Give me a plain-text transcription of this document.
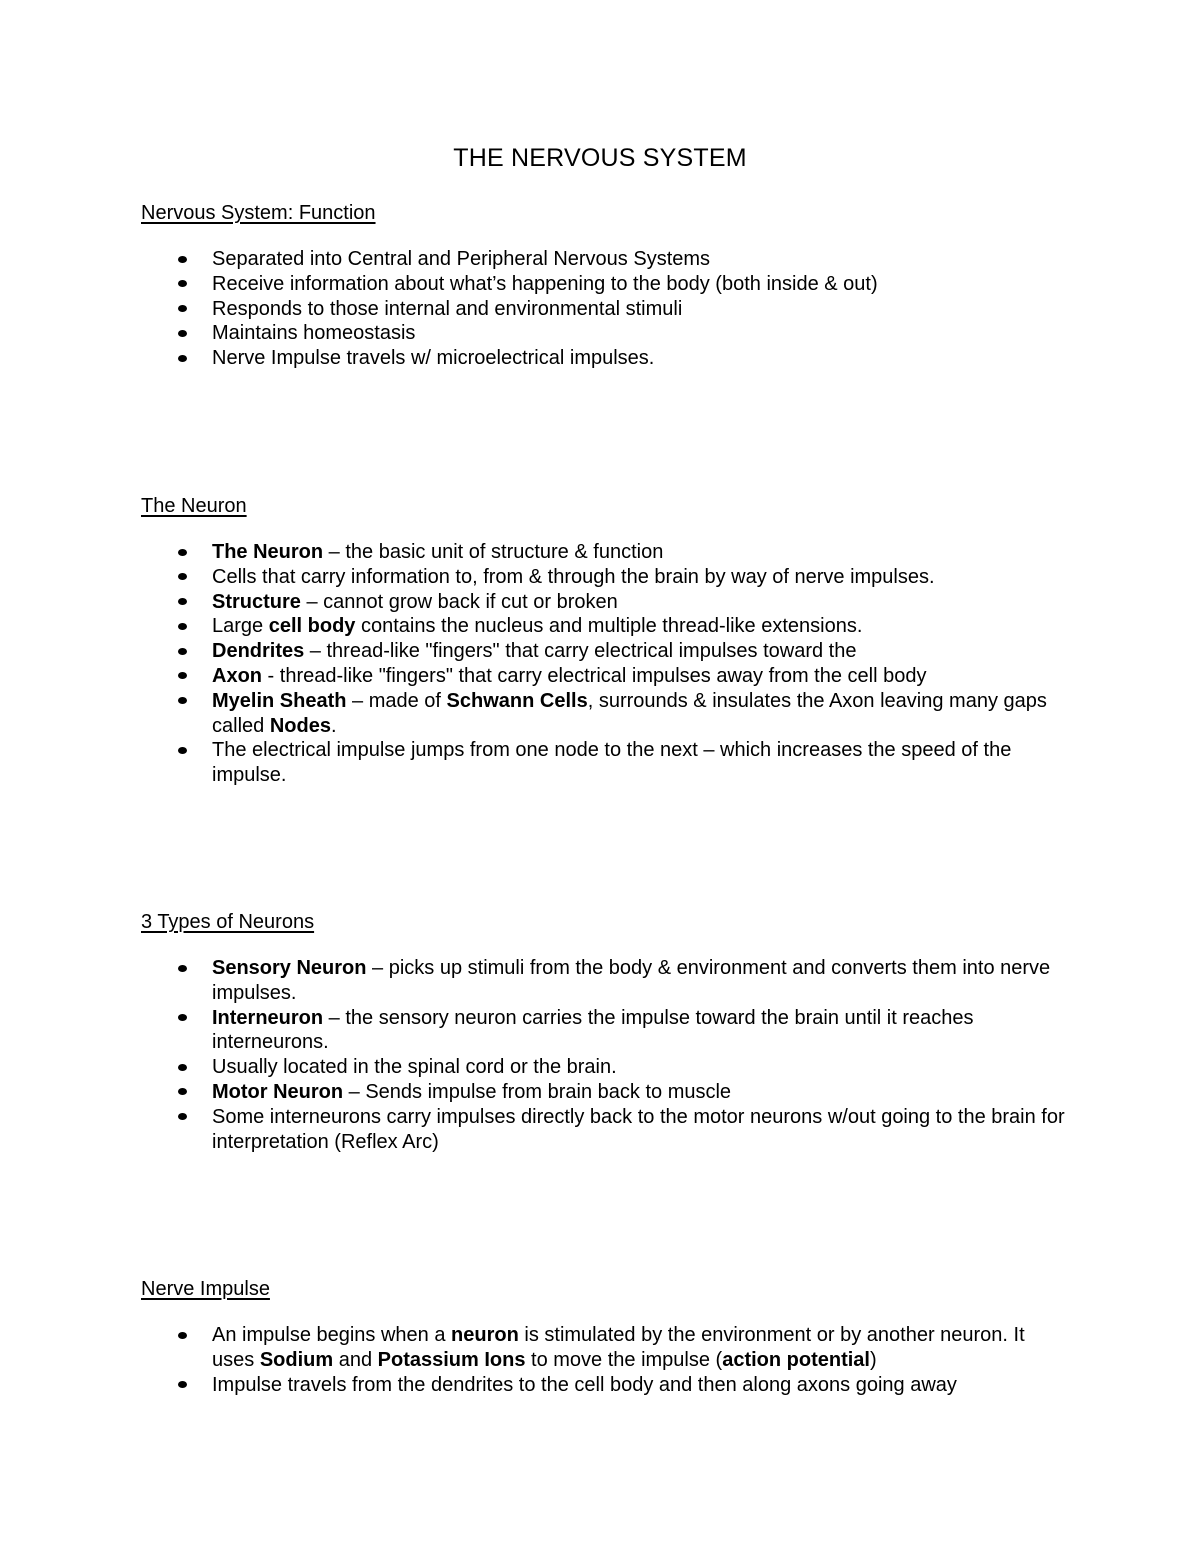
THE NERVOUS SYSTEM
Nervous System: Function
Separated into Central and Peripheral Nervous Systems
Receive information about what’s happening to the body (both inside & out)
Responds to those internal and environmental stimuli
Maintains homeostasis
Nerve Impulse travels w/ microelectrical impulses.
The Neuron
The Neuron – the basic unit of structure & function
Cells that carry information to, from & through the brain by way of nerve impulses.
Structure – cannot grow back if cut or broken
Large cell body contains the nucleus and multiple thread-like extensions.
Dendrites – thread-like "fingers" that carry electrical impulses toward the
Axon - thread-like "fingers" that carry electrical impulses away from the cell body
Myelin Sheath – made of Schwann Cells, surrounds & insulates the Axon leaving many gaps called Nodes.
The electrical impulse jumps from one node to the next – which increases the speed of the impulse.
3 Types of Neurons
Sensory Neuron – picks up stimuli from the body & environment and converts them into nerve impulses.
Interneuron – the sensory neuron carries the impulse toward the brain until it reaches interneurons.
Usually located in the spinal cord or the brain.
Motor Neuron – Sends impulse from brain back to muscle
Some interneurons carry impulses directly back to the motor neurons w/out going to the brain for interpretation (Reflex Arc)
Nerve Impulse
An impulse begins when a neuron is stimulated by the environment or by another neuron. It uses Sodium and Potassium Ions to move the impulse (action potential)
Impulse travels from the dendrites to the cell body and then along axons going away
